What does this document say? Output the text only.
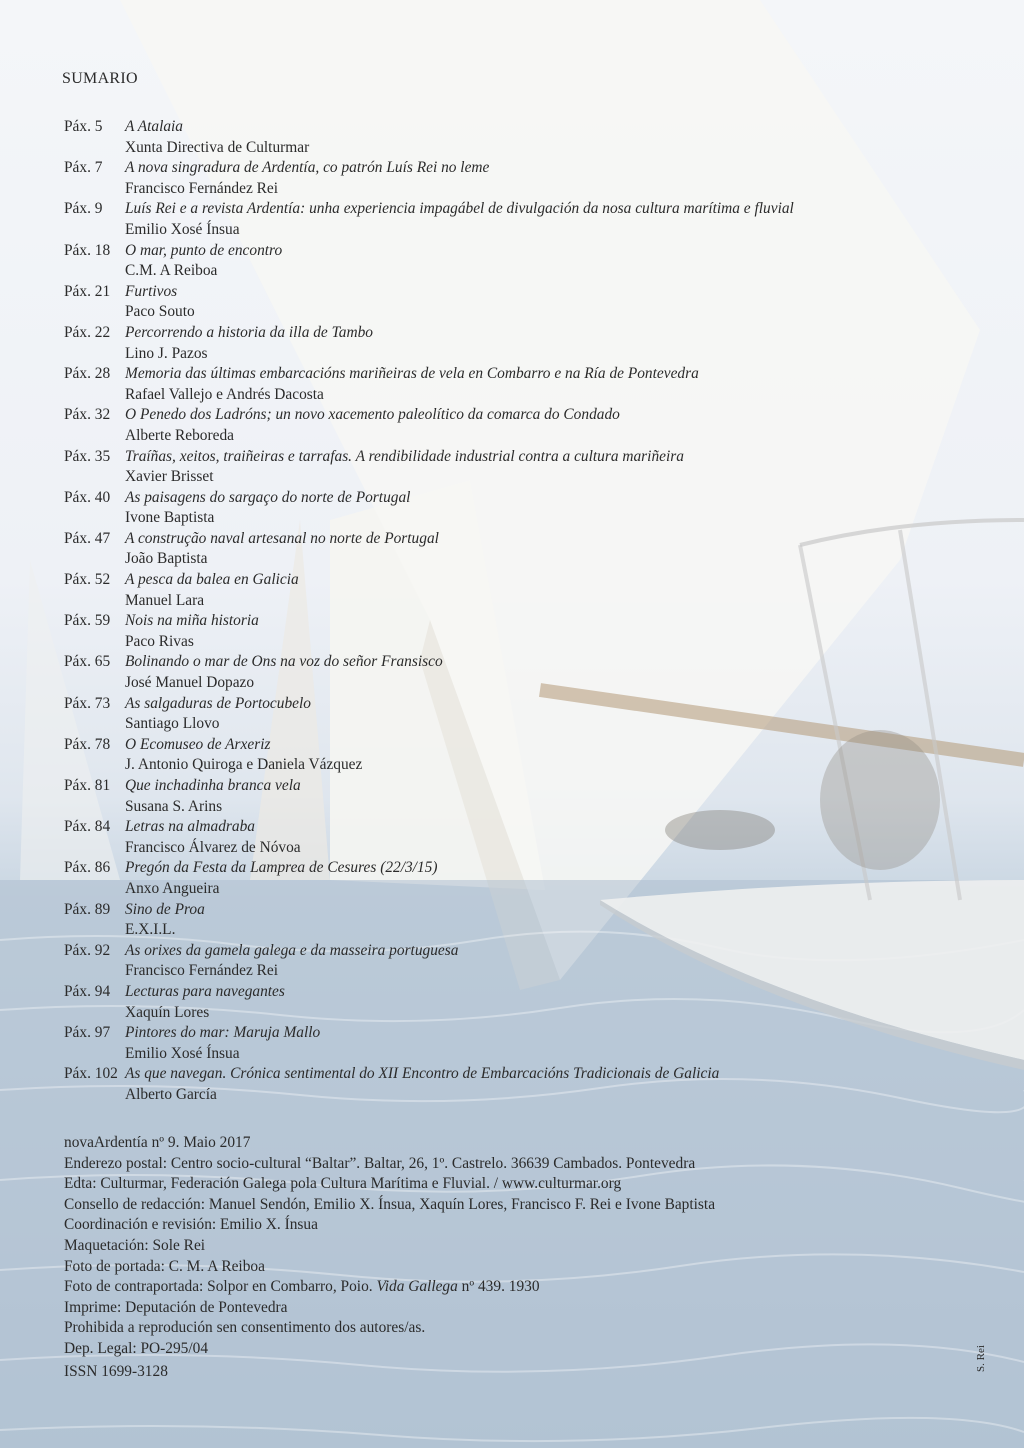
SUMARIO
Páx. 5 A Atalaia
Xunta Directiva de Culturmar
Páx. 7 A nova singradura de Ardentía, co patrón Luís Rei no leme
Francisco Fernández Rei
Páx. 9 Luís Rei e a revista Ardentía: unha experiencia impagábel de divulgación da nosa cultura marítima e fluvial
Emilio Xosé Ínsua
Páx. 18 O mar, punto de encontro
C.M. A Reiboa
Páx. 21 Furtivos
Paco Souto
Páx. 22 Percorrendo a historia da illa de Tambo
Lino J. Pazos
Páx. 28 Memoria das últimas embarcacións mariñeiras de vela en Combarro e na Ría de Pontevedra
Rafael Vallejo e Andrés Dacosta
Páx. 32 O Penedo dos Ladróns; un novo xacemento paleolítico da comarca do Condado
Alberte Reboreda
Páx. 35 Traíñas, xeitos, traiñeiras e tarrafas. A rendibilidade industrial contra a cultura mariñeira
Xavier Brisset
Páx. 40 As paisagens do sargaço do norte de Portugal
Ivone Baptista
Páx. 47 A construção naval artesanal no norte de Portugal
João Baptista
Páx. 52 A pesca da balea en Galicia
Manuel Lara
Páx. 59 Nois na miña historia
Paco Rivas
Páx. 65 Bolinando o mar de Ons na voz do señor Fransisco
José Manuel Dopazo
Páx. 73 As salgaduras de Portocubelo
Santiago Llovo
Páx. 78 O Ecomuseo de Arxeriz
J. Antonio Quiroga e Daniela Vázquez
Páx. 81 Que inchadinha branca vela
Susana S. Arins
Páx. 84 Letras na almadraba
Francisco Álvarez de Nóvoa
Páx. 86 Pregón da Festa da Lamprea de Cesures (22/3/15)
Anxo Angueira
Páx. 89 Sino de Proa
E.X.I.L.
Páx. 92 As orixes da gamela galega e da masseira portuguesa
Francisco Fernández Rei
Páx. 94 Lecturas para navegantes
Xaquín Lores
Páx. 97 Pintores do mar: Maruja Mallo
Emilio Xosé Ínsua
Páx. 102 As que navegan. Crónica sentimental do XII Encontro de Embarcacións Tradicionais de Galicia
Alberto García
novaArdentía nº 9. Maio 2017
Enderezo postal: Centro socio-cultural “Baltar”. Baltar, 26, 1º. Castrelo. 36639 Cambados. Pontevedra
Edta: Culturmar, Federación Galega pola Cultura Marítima e Fluvial. / www.culturmar.org
Consello de redacción: Manuel Sendón, Emilio X. Ínsua, Xaquín Lores, Francisco F. Rei e Ivone Baptista
Coordinación e revisión: Emilio X. Ínsua
Maquetación: Sole Rei
Foto de portada: C. M. A Reiboa
Foto de contraportada: Solpor en Combarro, Poio. Vida Gallega nº 439. 1930
Imprime: Deputación de Pontevedra
Prohibida a reprodución sen consentimento dos autores/as.
Dep. Legal: PO-295/04
ISSN 1699-3128	S. Rei
